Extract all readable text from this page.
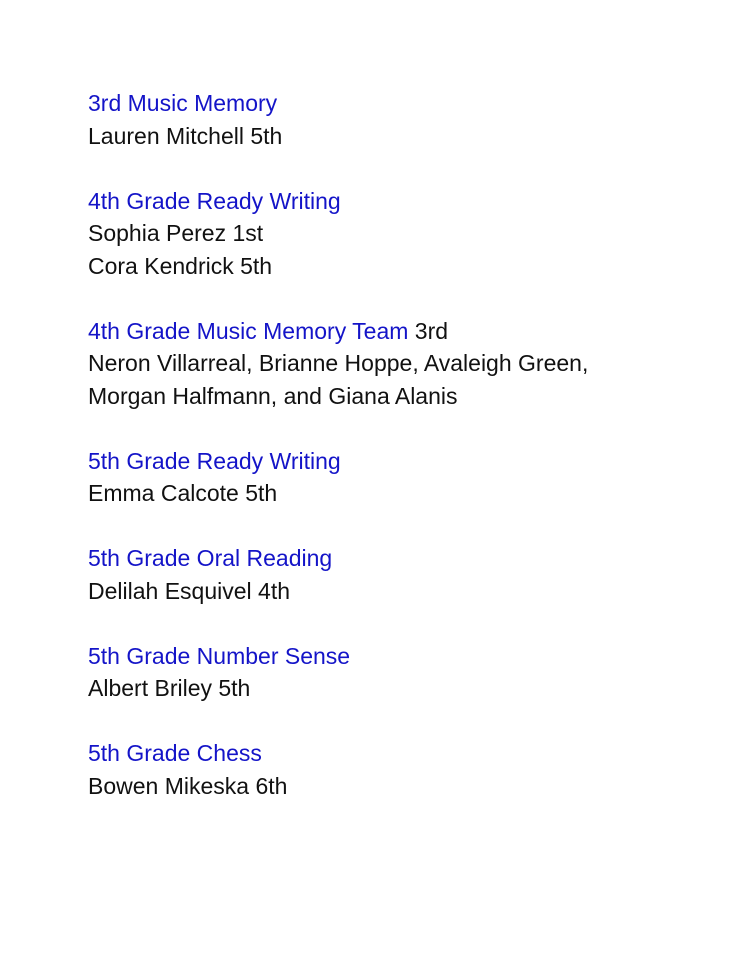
3rd Music Memory
Lauren Mitchell 5th
4th Grade Ready Writing
Sophia Perez 1st
Cora Kendrick 5th
4th Grade Music Memory Team 3rd
Neron Villarreal, Brianne Hoppe, Avaleigh Green,
Morgan Halfmann, and Giana Alanis
5th Grade Ready Writing
Emma Calcote 5th
5th Grade Oral Reading
Delilah Esquivel 4th
5th Grade Number Sense
Albert Briley 5th
5th Grade Chess
Bowen Mikeska 6th
